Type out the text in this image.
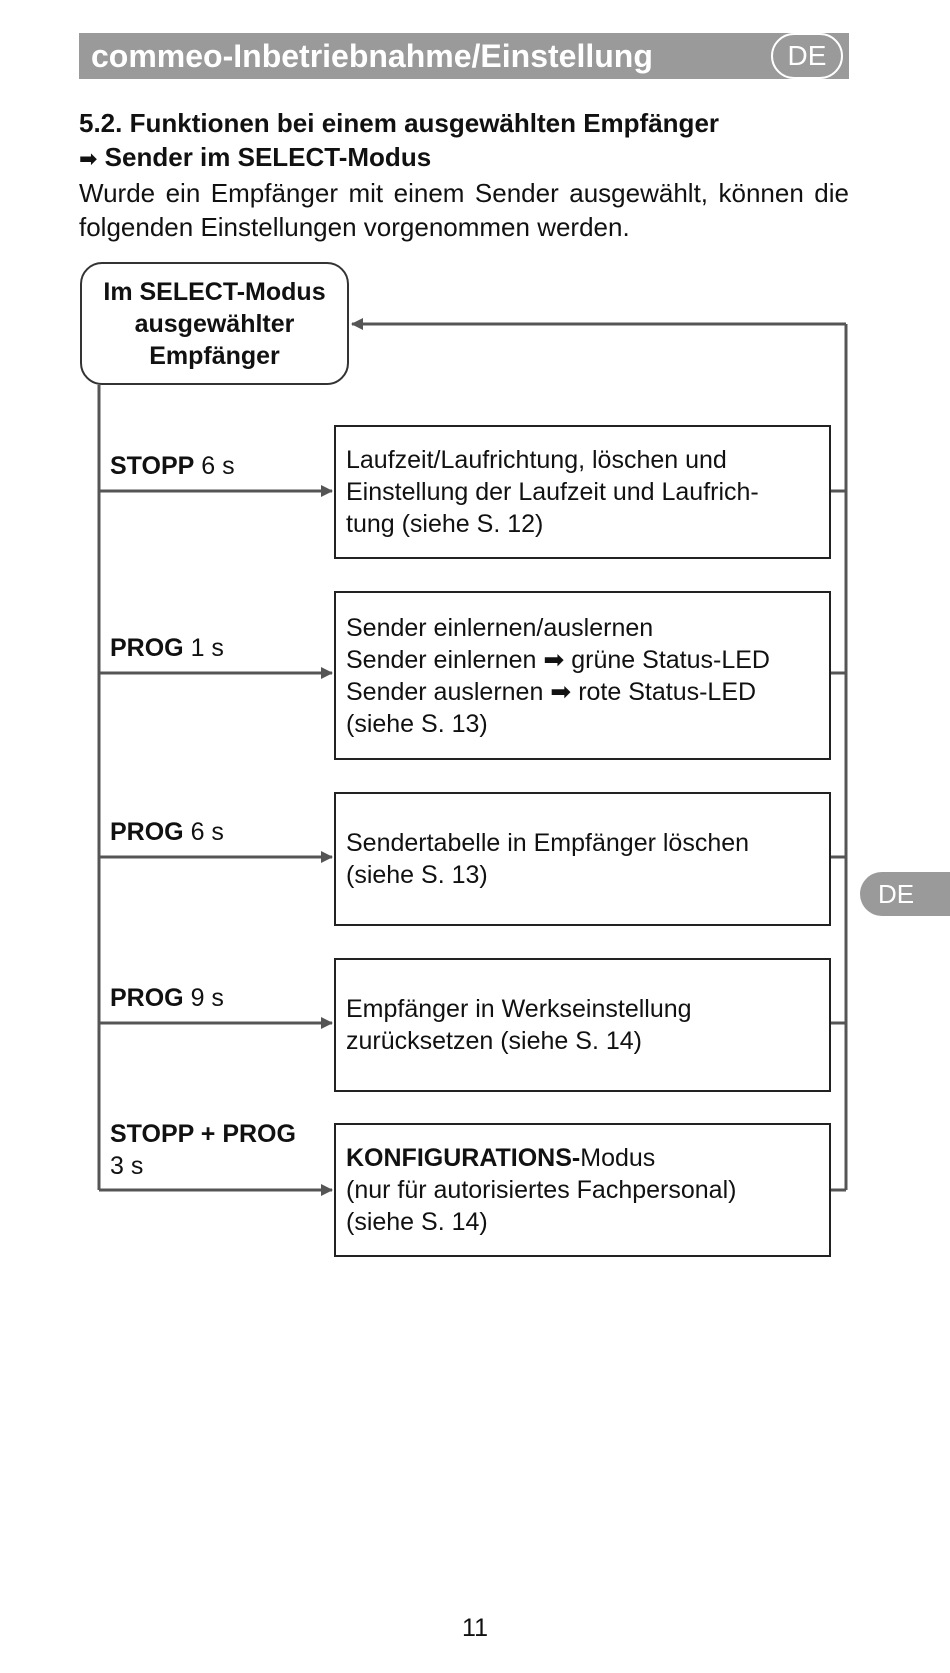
commeo-Inbetriebnahme/Einstellung	DE
5.2. Funktionen bei einem ausgewählten Empfänger
➡ Sender im SELECT-Modus
Wurde ein Empfänger mit einem Sender ausgewählt, können die folgenden Einstellungen vorgenommen werden.
Im SELECT-Modus
ausgewählter
Empfänger
STOPP 6 s
PROG 1 s
PROG 6 s
PROG 9 s
STOPP + PROG
3 s
Laufzeit/Laufrichtung, löschen und
Einstellung der Laufzeit und Laufrich-
tung (siehe S. 12)
Sender einlernen/auslernen
Sender einlernen ➡ grüne Status-LED
Sender auslernen ➡ rote Status-LED
(siehe S. 13)
Sendertabelle in Empfänger löschen
(siehe S. 13)
Empfänger in Werkseinstellung
zurücksetzen (siehe S. 14)
KONFIGURATIONS-Modus
(nur für autorisiertes Fachpersonal)
(siehe S. 14)
DE
11
